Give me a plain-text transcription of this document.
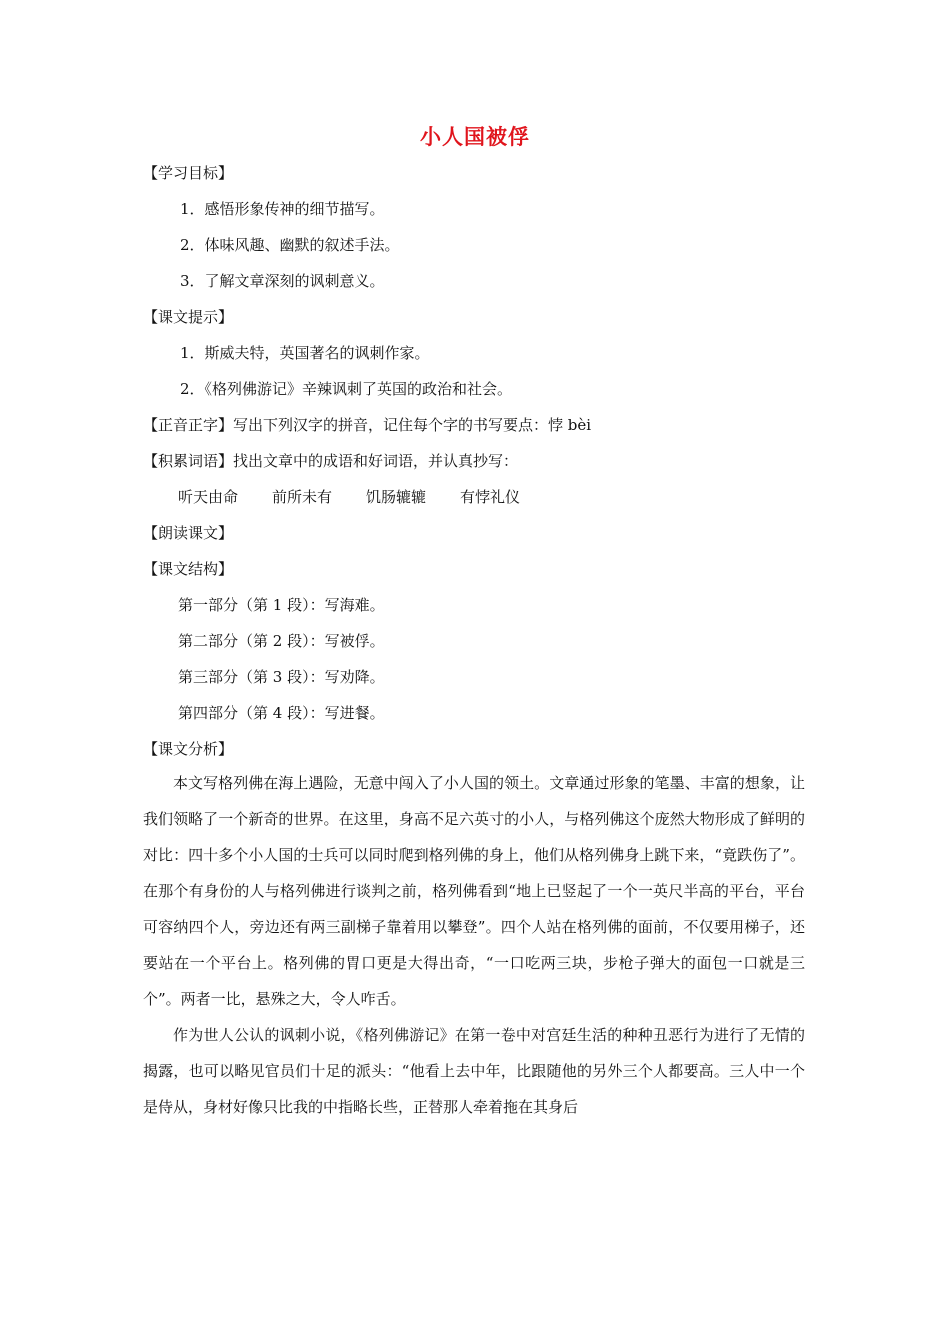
小人国被俘
【学习目标】
1．感悟形象传神的细节描写。
2．体味风趣、幽默的叙述手法。
3．了解文章深刻的讽刺意义。
【课文提示】
1．斯威夫特，英国著名的讽刺作家。
2．《格列佛游记》辛辣讽刺了英国的政治和社会。
【正音正字】写出下列汉字的拼音，记住每个字的书写要点：悖 bèi
【积累词语】找出文章中的成语和好词语，并认真抄写：
听天由命 前所未有 饥肠辘辘 有悖礼仪
【朗读课文】
【课文结构】
第一部分（第 1 段）：写海难。
第二部分（第 2 段）：写被俘。
第三部分（第 3 段）：写劝降。
第四部分（第 4 段）：写进餐。
【课文分析】

本文写格列佛在海上遇险，无意中闯入了小人国的领土。文章通过形象的笔墨、丰富的想象，让我们领略了一个新奇的世界。在这里，身高不足六英寸的小人，与格列佛这个庞然大物形成了鲜明的对比：四十多个小人国的士兵可以同时爬到格列佛的身上，他们从格列佛身上跳下来，“竟跌伤了”。在那个有身份的人与格列佛进行谈判之前，格列佛看到“地上已竖起了一个一英尺半高的平台，平台可容纳四个人，旁边还有两三副梯子靠着用以攀登”。四个人站在格列佛的面前，不仅要用梯子，还要站在一个平台上。格列佛的胃口更是大得出奇，“一口吃两三块，步枪子弹大的面包一口就是三个”。两者一比，悬殊之大，令人咋舌。

作为世人公认的讽刺小说，《格列佛游记》在第一卷中对宫廷生活的种种丑恶行为进行了无情的揭露，也可以略见官员们十足的派头：“他看上去中年，比跟随他的另外三个人都要高。三人中一个是侍从，身材好像只比我的中指略长些，正替那人牵着拖在其身后
